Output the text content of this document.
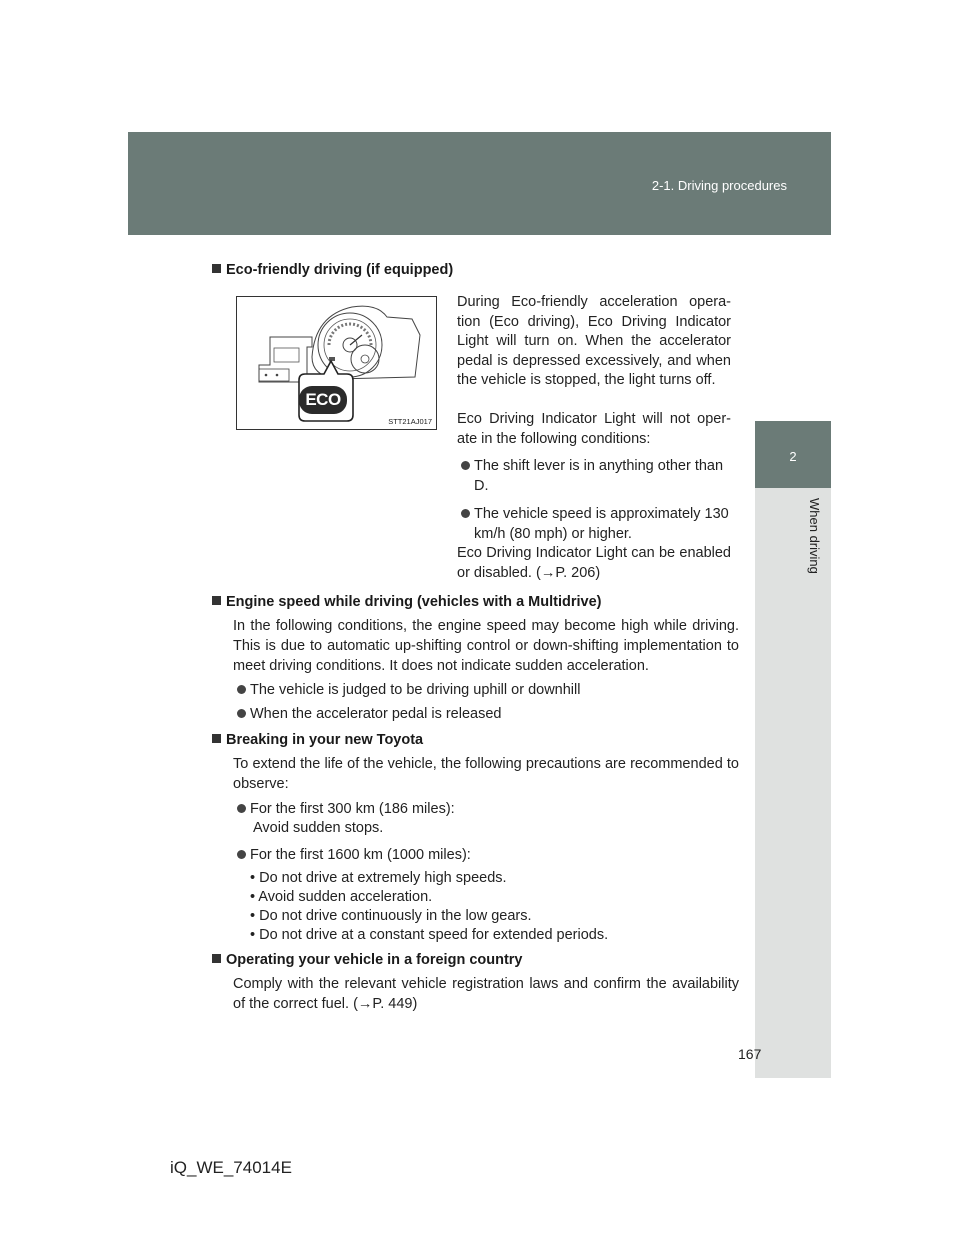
2-1. Driving procedures
2
When driving
ECO
STT21AJ017
Eco-friendly driving (if equipped)
During Eco-friendly acceleration opera-tion (Eco driving), Eco Driving Indicator Light will turn on. When the accelerator pedal is depressed excessively, and when the vehicle is stopped, the light turns off.
Eco Driving Indicator Light will not oper-ate in the following conditions:
The shift lever is in anything other than D.
The vehicle speed is approximately 130 km/h (80 mph) or higher.
Eco Driving Indicator Light can be enabled or disabled. (→P. 206)
Engine speed while driving (vehicles with a Multidrive)
In the following conditions, the engine speed may become high while driving. This is due to automatic up-shifting control or down-shifting implementation to meet driving conditions. It does not indicate sudden acceleration.
The vehicle is judged to be driving uphill or downhill
When the accelerator pedal is released
Breaking in your new Toyota
To extend the life of the vehicle, the following precautions are recommended to observe:
For the first 300 km (186 miles):
Avoid sudden stops.
For the first 1600 km (1000 miles):
• Do not drive at extremely high speeds.
• Avoid sudden acceleration.
• Do not drive continuously in the low gears.
• Do not drive at a constant speed for extended periods.
Operating your vehicle in a foreign country
Comply with the relevant vehicle registration laws and confirm the availability of the correct fuel. (→P. 449)
167
iQ_WE_74014E
